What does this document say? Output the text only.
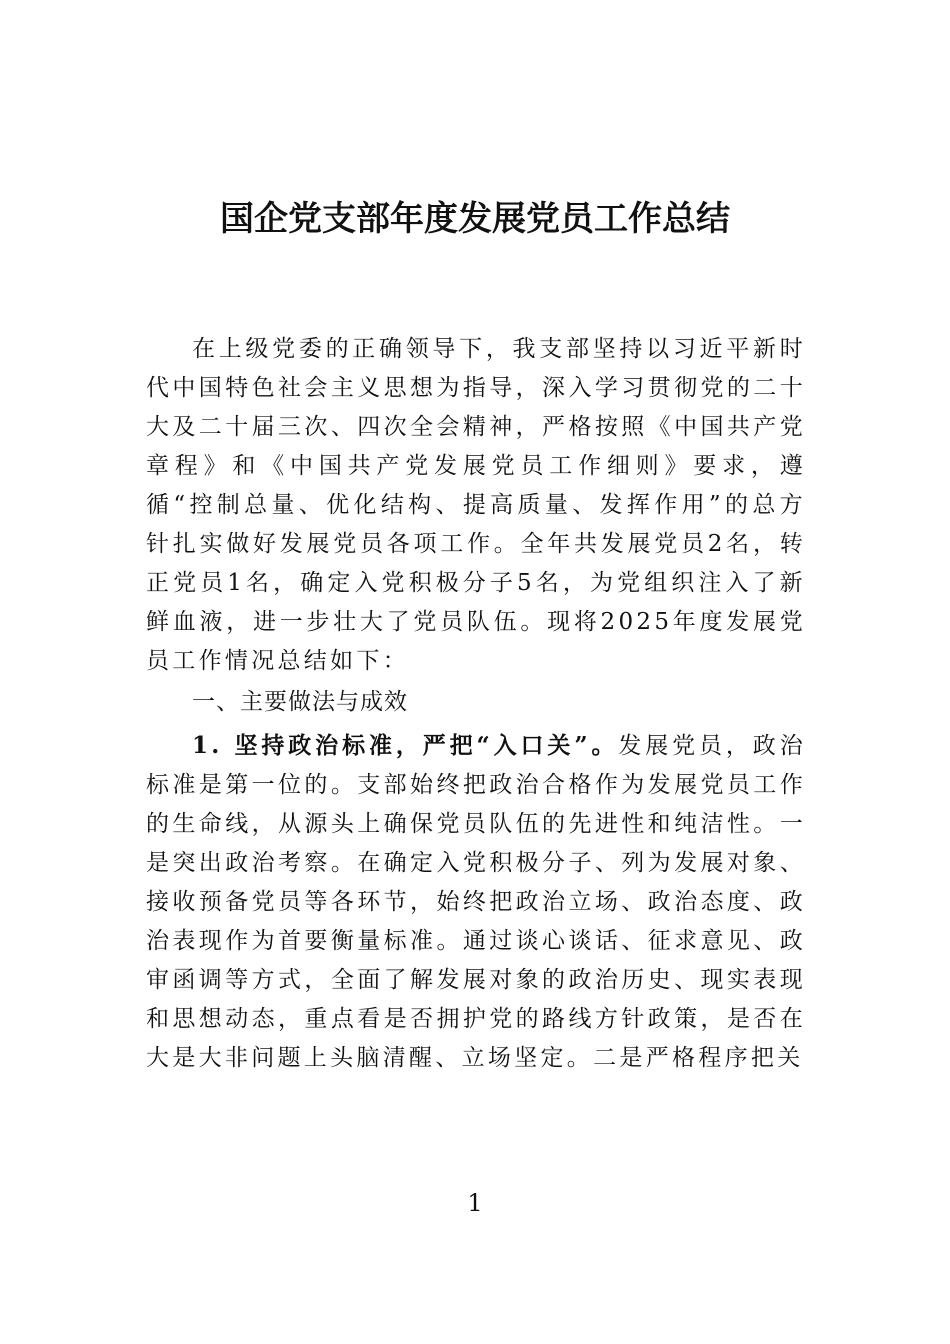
国企党支部年度发展党员工作总结

在上级党委的正确领导下，我支部坚持以习近平新时代中国特色社会主义思想为指导，深入学习贯彻党的二十大及二十届三次、四次全会精神，严格按照《中国共产党章程》和《中国共产党发展党员工作细则》要求，遵循“控制总量、优化结构、提高质量、发挥作用”的总方针扎实做好发展党员各项工作。全年共发展党员2名，转正党员1名，确定入党积极分子5名，为党组织注入了新鲜血液，进一步壮大了党员队伍。现将2025年度发展党员工作情况总结如下：

一、主要做法与成效

1. 坚持政治标准，严把“入口关”。发展党员，政治标准是第一位的。支部始终把政治合格作为发展党员工作的生命线，从源头上确保党员队伍的先进性和纯洁性。一是突出政治考察。在确定入党积极分子、列为发展对象、接收预备党员等各环节，始终把政治立场、政治态度、政治表现作为首要衡量标准。通过谈心谈话、征求意见、政审函调等方式，全面了解发展对象的政治历史、现实表现和思想动态，重点看是否拥护党的路线方针政策，是否在大是大非问题上头脑清醒、立场坚定。二是严格程序把关

1
